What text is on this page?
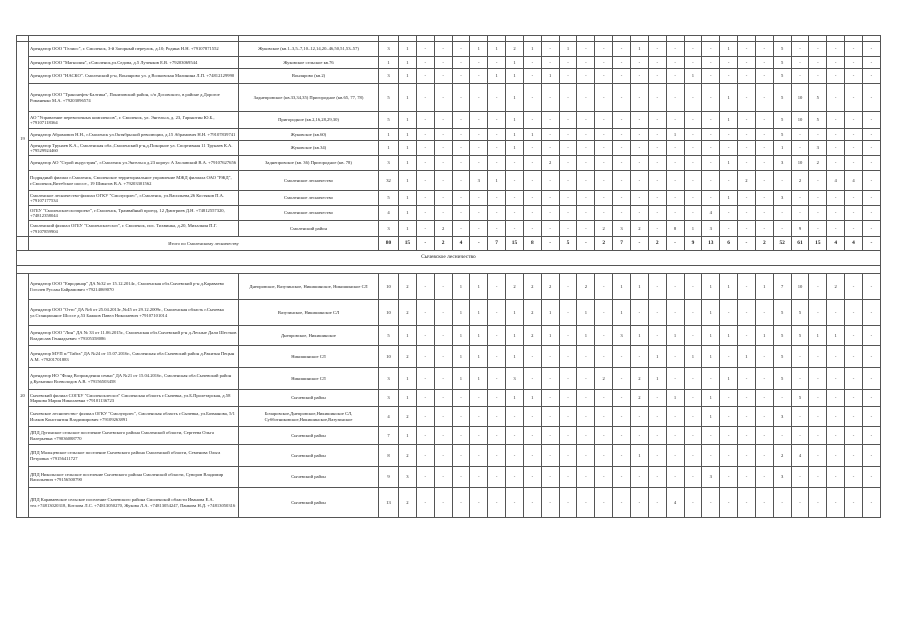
19	Арендатор ООО "Гелиос", г. Смоленск, 3-й Загорный переулок, д.10; Родина Н.Н. +79107871552	Жуковское (кв.1–3,5–7,10–12,14,20–46,50,51,53–57)	3	1	-	-	-	1	1	2	1	-	1	-	-	-	1	-	-	-	-	1	-	-	5	-	-	-	-	-
	Арендатор ООО "Магнолия", г.Смоленск,ул.Седова, д.5 Лученков Е.В. +79203069544	Жуковское сельское кв.76	1	1	-	-	-	-	-	1	-	-	-	-	-	-	-	-	-	-	-	-	-	-	5	-	-	-	-	-
	Арендатор ООО "НАСКО". Смоленский р-н, Вонлярово ул. д Волковская Малинина Л.П. +74812129990	Вонлярово (кв.2)	3	1	-	-	-	-	1	1	-	1	-	-	-	-	-	-	-	1	-	-	-	-	5	-	-	-	-	-
	Арендатор ООО "Транснефть-Балтика", Понизовский район, с/п Досовского, в районе д.Дорогое Романенко М.А. +79203096574	Заднепровское (кв.33,34,35) Пригородное (кв.65, 77, 78)	5	1	-	-	-	-	-	1	-	-	-	-	-	-	-	-	-	-	-	1	-	-	5	10	5	-	-	-
	АО "Управление перевозочных комплексов", г. Смоленск, ул. Энгельса, д. 23, Гарькотин Ю.Б., +79107118364	Пригородное (кв.2,16,28,29,30)	5	1	-	-	-	-	-	1	-	-	-	-	-	-	-	-	-	-	-	1	-	-	5	10	5	-	-	-
	Арендатор Абрамович Н.Н., г.Смоленск ул.Октябрьской революции, д.15 Абрамович Н.Н. +79107839741	Жуковское (кв.60)	1	1	-	-	-	-	-	1	1	-	-	-	-	-	-	-	1	-	-	-	-	-	5	-	-	-	-	-
	Арендатор Трунаев К.А., Смоленская обл.,Смоленский р-н,д.Покорное ул. Спортивная 11 Трунаев К.А. +79529924460	Жуковское (кв.34)	1	1	-	-	-	-	-	1	-	-	-	-	-	-	-	-	-	-	-	-	-	-	1	-	3	-	-	-
	Арендатор АО "Строй индустрия", г.Смоленск ул.Энгельса д.23 корпус А Заславский В.А. +79107627656	Заднепровское (кв. 36) Пригородное (кв. 78)	3	1	-	-	-	-	-	-	-	2	-	-	-	-	-	-	-	-	-	1	-	-	3	10	2	-	-	-
	Подрядный филиал г.Смоленск, Смоленское территориальное управление МЖД филиала ОАО "РЖД", г.Смоленск,Витебское шоссе., 19 Шмыгов В.А. +79203301562	Смоленское лесничество	32	1	-	-	-	3	1	-	-	-	-	-	-	-	-	-	-	-	-	-	2	-	-	2	-	4	4	-
	Смоленское лесничество-филиал ОГКУ "Смолупрлес", г.Смоленск, ул.Васильева,26 Костяков П.А. +79107177534	Смоленское лесничество	5	1	-	-	-	-	-	-	-	-	-	-	-	-	-	-	-	-	-	1	-	-	3	-	-	-	-	-
	ОГБУ "Смоленсклесхозпроект", г.Смоленск, Трамвайный проезд, 12 Дмитриев Д.Н. +74812557320, +74812358044	Смоленское лесничество	4	1	-	-	-	-	-	-	-	-	-	-	-	-	-	-	-	-	4	-	-	-	-	-	-	-	-	-
	Смоленский филиал ОГБУ "Смоленсклесхоз", г. Смоленск, пос. Тихвинка, д.20, Михалкин П.Г. +79107859904	Смоленский район	3	1	-	2	-	-	-	-	-	-	-	-	2	3	2	-	8	1	3	-	-	-	-	9	-	-	-	-
	Итого по Смоленскому лесничеству		80	15	-	2	4	-	7	15	8	-	5	-	2	7	-	2	-	9	13	6	-	2	52	61	15	4	4	-
Сычевское лесничество																														

20	Арендатор ООО "Евродинар" ДА №32 от 15.12.2014г., Смоленская обл.Сычевский р-н д.Караваево Гоголев Руслан Байрамович +79214069070	Днепровское, Вазузинское, Никишинское, Никишинское СЛ	10	2	-	-	1	1	-	2	2	2	-	2	-	1	1	-	-	-	1	1	-	1	7	10	-	2	-	-
	Арендатор ООО "Отто" ДА №6 от 25.04.2013г.,№45 от 29.12.2009г., Смоленская область г.Сычевка ул.Станционное Шоссе д.53 Бажков Павел Николаевич +79107101014	Вазузинское, Никишинское СЛ	10	2	-	-	1	1	-	1	2	1	-	1	-	1	-	-	-	-	1	-	-	-	5	5	-	-	-	-
	Арендатор ООО "Лин" ДА № 33 от 11.06.2015г., Смоленская обл.Сычевский р-н д.Лесные Дали Шестков Владислав Геннадьевич +79105358086	Днепровское, Никишинское	5	1	-	-	1	1	-	1	2	1	-	1	-	3	1	-	1	-	1	1	-	1	5	5	1	1	-	-
	Арендатор МУП п/"Тайга" ДА №24 от 15.07.2016г., Смоленская обл.Сычевский район д.Ракитня Пецын А.М. +79201701883	Никишинское СЛ	10	2	-	-	1	1	-	1	-	-	-	-	-	-	-	1	-	1	1	-	1	-	5	-	-	-	-	-
	Арендатор НО "Фонд Возрождения семьи" ДА №21 от 15.04.2016г., Смоленская обл.Сычевский район д.Кулыгино Всеволодов А.В. +79156503458	Никишинское СЛ	3	1	-	-	1	1	-	3	-	-	-	-	2	-	2	1	-	-	-	1	-	-	5	-	-	-	-	-
	Сычевский филиал СОГБУ "Смоленсклесхоз" Смоленская область г.Сычевка, ул.Б.Пролетарская, д.58 Маркова Мария Николаевна +79101136723	Сычевский район	3	1	-	-	-	-	-	1	1	-	-	-	-	-	2	-	1	-	1	-	-	-	-	5	-	-	-	-
	Сычевское лесничество- филиал ОГКУ "Смолупрлес", Смоленская область г.Сычевка, ул.Бачманова, 5/1 Исаков Константин Владимирович +79109263891	Бочаровское,Днепровское,Никишинское СЛ, Субботниковское,Никишинское,Вазузинское	4	2	-	-	-	-	-	-	-	-	-	-	-	-	-	-	-	-	1	-	-	-	3	-	-	-	-	-
	ДПД Дугинское сельское поселение Сычевского района Смоленской области, Сергеева Ольга Валерьевна +79036088770	Сычевский район	7	1	-	-	-	-	-	-	-	-	-	-	-	-	-	-	-	-	-	-	-	-	-	-	-	-	-	-
	ДПД Мальцевское сельское поселение Сычевского района Смоленской области, Семенова Ольга Петровна +79156411727	Сычевский район	8	2	-	-	-	-	-	-	-	-	-	-	-	-	1	-	-	-	-	-	-	-	2	4	-	-	-	-
	ДПД Никольское сельское поселение Сычевского района Смоленской области, Суворов Владимир Васильевич +79156500790	Сычевский район	9	3	-	-	-	-	-	-	-	-	-	-	-	-	-	-	-	-	3	-	-	-	3	-	-	-	-	-
	ДПД Караваевское сельское поселение Сычевского района Смоленской области Иванова Е.А. тел.+74813020318, Котлова Л.С. +74813050270, Жукова Л.А. +74813054247, Панкова Н.Д. +74813050316	Сычевский район	13	2	-	-	-	-	-	-	-	-	-	-	-	-	-	-	4	-	-	-	-	-	-	-	-	-	-	-
